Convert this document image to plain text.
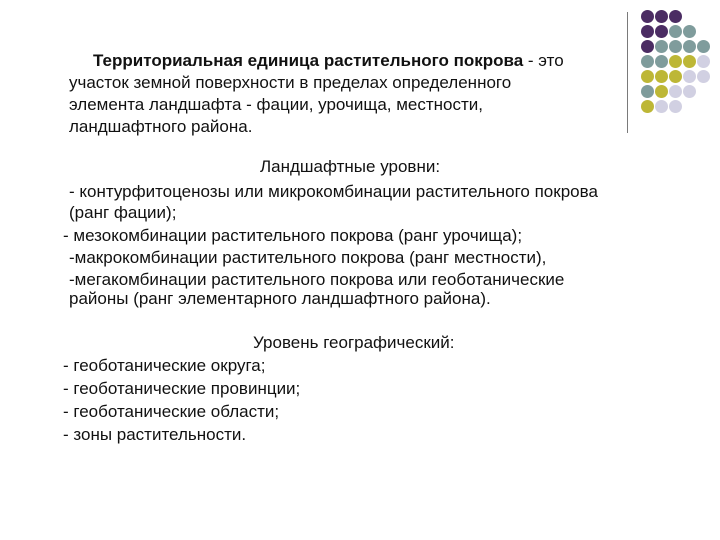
Территориальная единица растительного покрова - это
участок земной поверхности в пределах определенного
элемента ландшафта - фации, урочища, местности,
ландшафтного района.
Ландшафтные уровни:
- контурфитоценозы или микрокомбинации растительного покрова
(ранг фации);
- мезокомбинации растительного покрова (ранг урочища);
-макрокомбинации растительного покрова (ранг местности),
-мегакомбинации растительного покрова или геоботанические
районы (ранг элементарного ландшафтного района).
Уровень географический:
- геоботанические округа;
- геоботанические провинции;
- геоботанические области;
- зоны растительности.
